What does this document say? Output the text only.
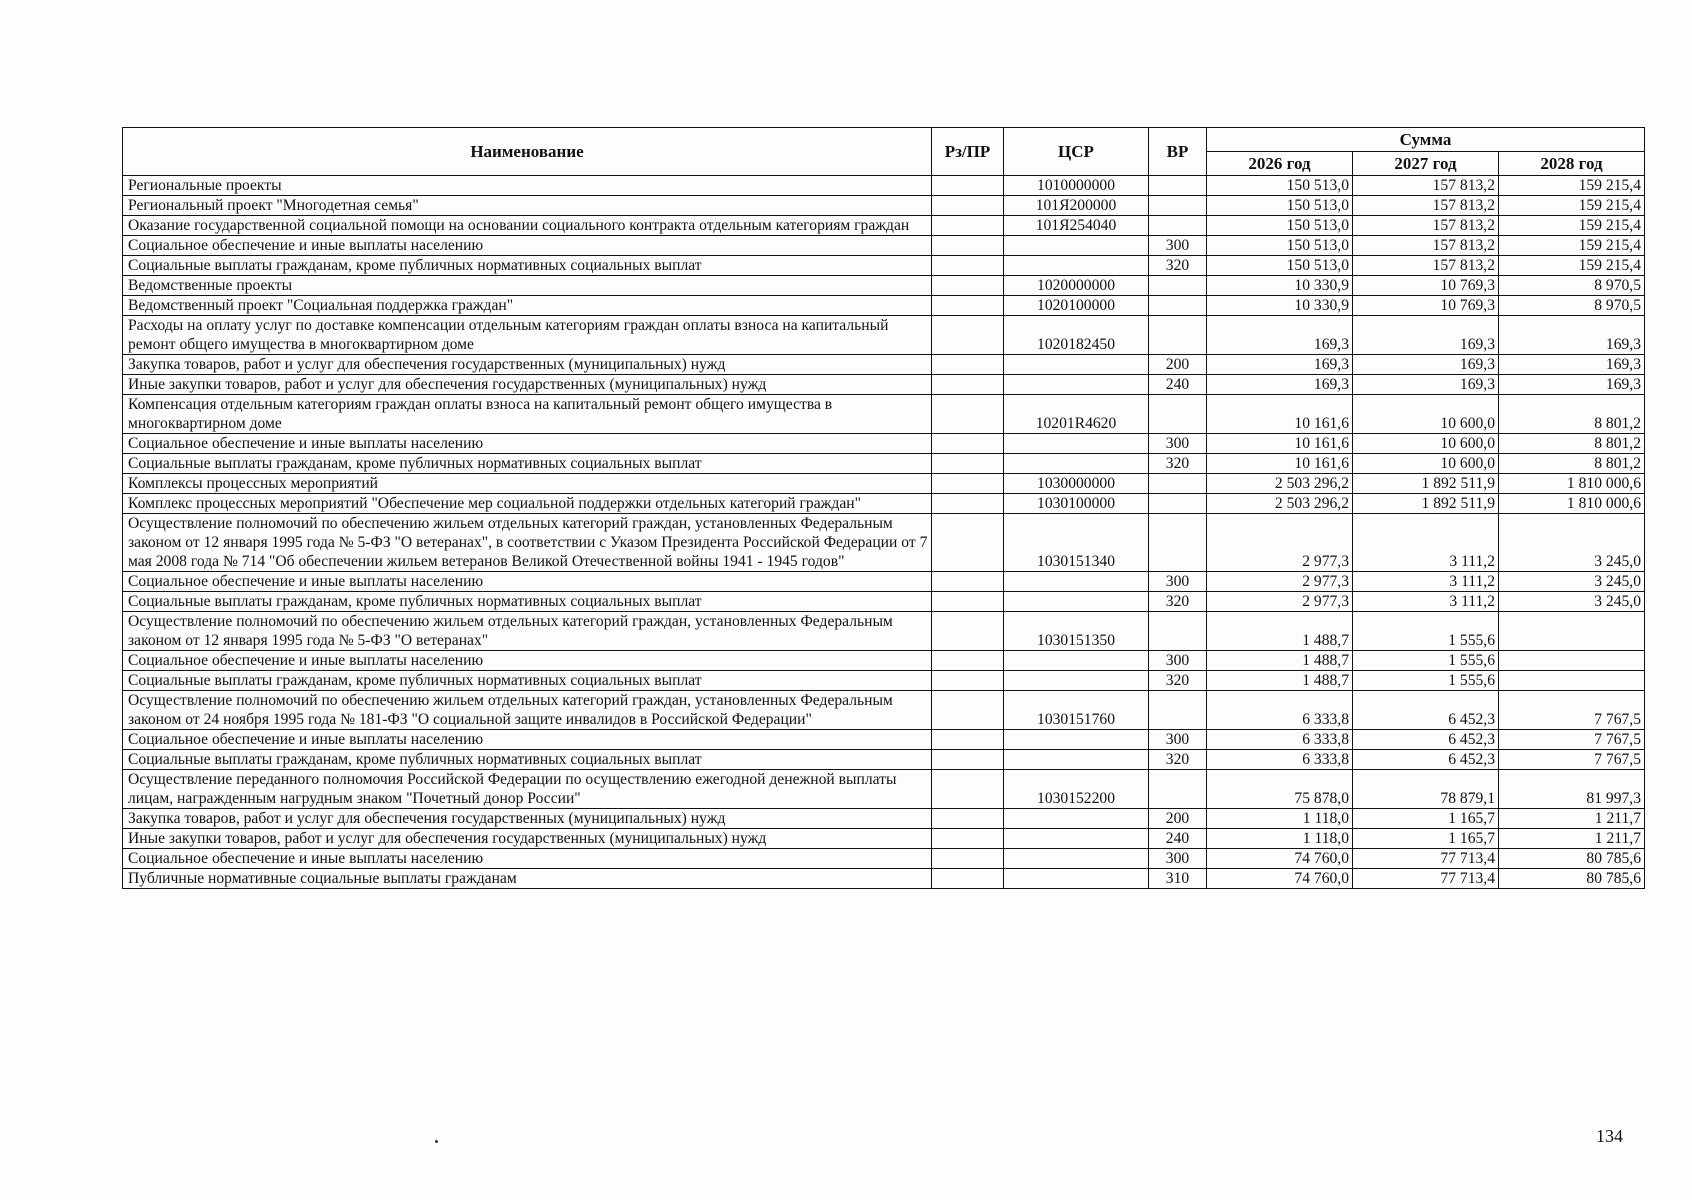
Наименование	Рз/ПР	ЦСР	ВР	Сумма		
				2026 год	2027 год	2028 год
Региональные проекты		1010000000		150 513,0	157 813,2	159 215,4
Региональный проект "Многодетная семья"		101Я200000		150 513,0	157 813,2	159 215,4
Оказание государственной социальной помощи на основании социального контракта отдельным категориям граждан		101Я254040		150 513,0	157 813,2	159 215,4
Социальное обеспечение и иные выплаты населению			300	150 513,0	157 813,2	159 215,4
Социальные выплаты гражданам, кроме публичных нормативных социальных выплат			320	150 513,0	157 813,2	159 215,4
Ведомственные проекты		1020000000		10 330,9	10 769,3	8 970,5
Ведомственный проект "Социальная поддержка граждан"		1020100000		10 330,9	10 769,3	8 970,5
Расходы на оплату услуг по доставке компенсации отдельным категориям граждан оплаты взноса на капитальный ремонт общего имущества в многоквартирном доме		1020182450		169,3	169,3	169,3
Закупка товаров, работ и услуг для обеспечения государственных (муниципальных) нужд			200	169,3	169,3	169,3
Иные закупки товаров, работ и услуг для обеспечения государственных (муниципальных) нужд			240	169,3	169,3	169,3
Компенсация отдельным категориям граждан оплаты взноса на капитальный ремонт общего имущества в многоквартирном доме		10201R4620		10 161,6	10 600,0	8 801,2
Социальное обеспечение и иные выплаты населению			300	10 161,6	10 600,0	8 801,2
Социальные выплаты гражданам, кроме публичных нормативных социальных выплат			320	10 161,6	10 600,0	8 801,2
Комплексы процессных мероприятий		1030000000		2 503 296,2	1 892 511,9	1 810 000,6
Комплекс процессных мероприятий "Обеспечение мер социальной поддержки отдельных категорий граждан"		1030100000		2 503 296,2	1 892 511,9	1 810 000,6
Осуществление полномочий по обеспечению жильем отдельных категорий граждан, установленных Федеральным законом от 12 января 1995 года № 5-ФЗ "О ветеранах", в соответствии с Указом Президента Российской Федерации от 7 мая 2008 года № 714 "Об обеспечении жильем ветеранов Великой Отечественной войны 1941 - 1945 годов"		1030151340		2 977,3	3 111,2	3 245,0
Социальное обеспечение и иные выплаты населению			300	2 977,3	3 111,2	3 245,0
Социальные выплаты гражданам, кроме публичных нормативных социальных выплат			320	2 977,3	3 111,2	3 245,0
Осуществление полномочий по обеспечению жильем отдельных категорий граждан, установленных Федеральным законом от 12 января 1995 года № 5-ФЗ "О ветеранах"		1030151350		1 488,7	1 555,6	
Социальное обеспечение и иные выплаты населению			300	1 488,7	1 555,6	
Социальные выплаты гражданам, кроме публичных нормативных социальных выплат			320	1 488,7	1 555,6	
Осуществление полномочий по обеспечению жильем отдельных категорий граждан, установленных Федеральным законом от 24 ноября 1995 года № 181-ФЗ "О социальной защите инвалидов в Российской Федерации"		1030151760		6 333,8	6 452,3	7 767,5
Социальное обеспечение и иные выплаты населению			300	6 333,8	6 452,3	7 767,5
Социальные выплаты гражданам, кроме публичных нормативных социальных выплат			320	6 333,8	6 452,3	7 767,5
Осуществление переданного полномочия Российской Федерации по осуществлению ежегодной денежной выплаты лицам, награжденным нагрудным знаком "Почетный донор России"		1030152200		75 878,0	78 879,1	81 997,3
Закупка товаров, работ и услуг для обеспечения государственных (муниципальных) нужд			200	1 118,0	1 165,7	1 211,7
Иные закупки товаров, работ и услуг для обеспечения государственных (муниципальных) нужд			240	1 118,0	1 165,7	1 211,7
Социальное обеспечение и иные выплаты населению			300	74 760,0	77 713,4	80 785,6
Публичные нормативные социальные выплаты гражданам			310	74 760,0	77 713,4	80 785,6
134
